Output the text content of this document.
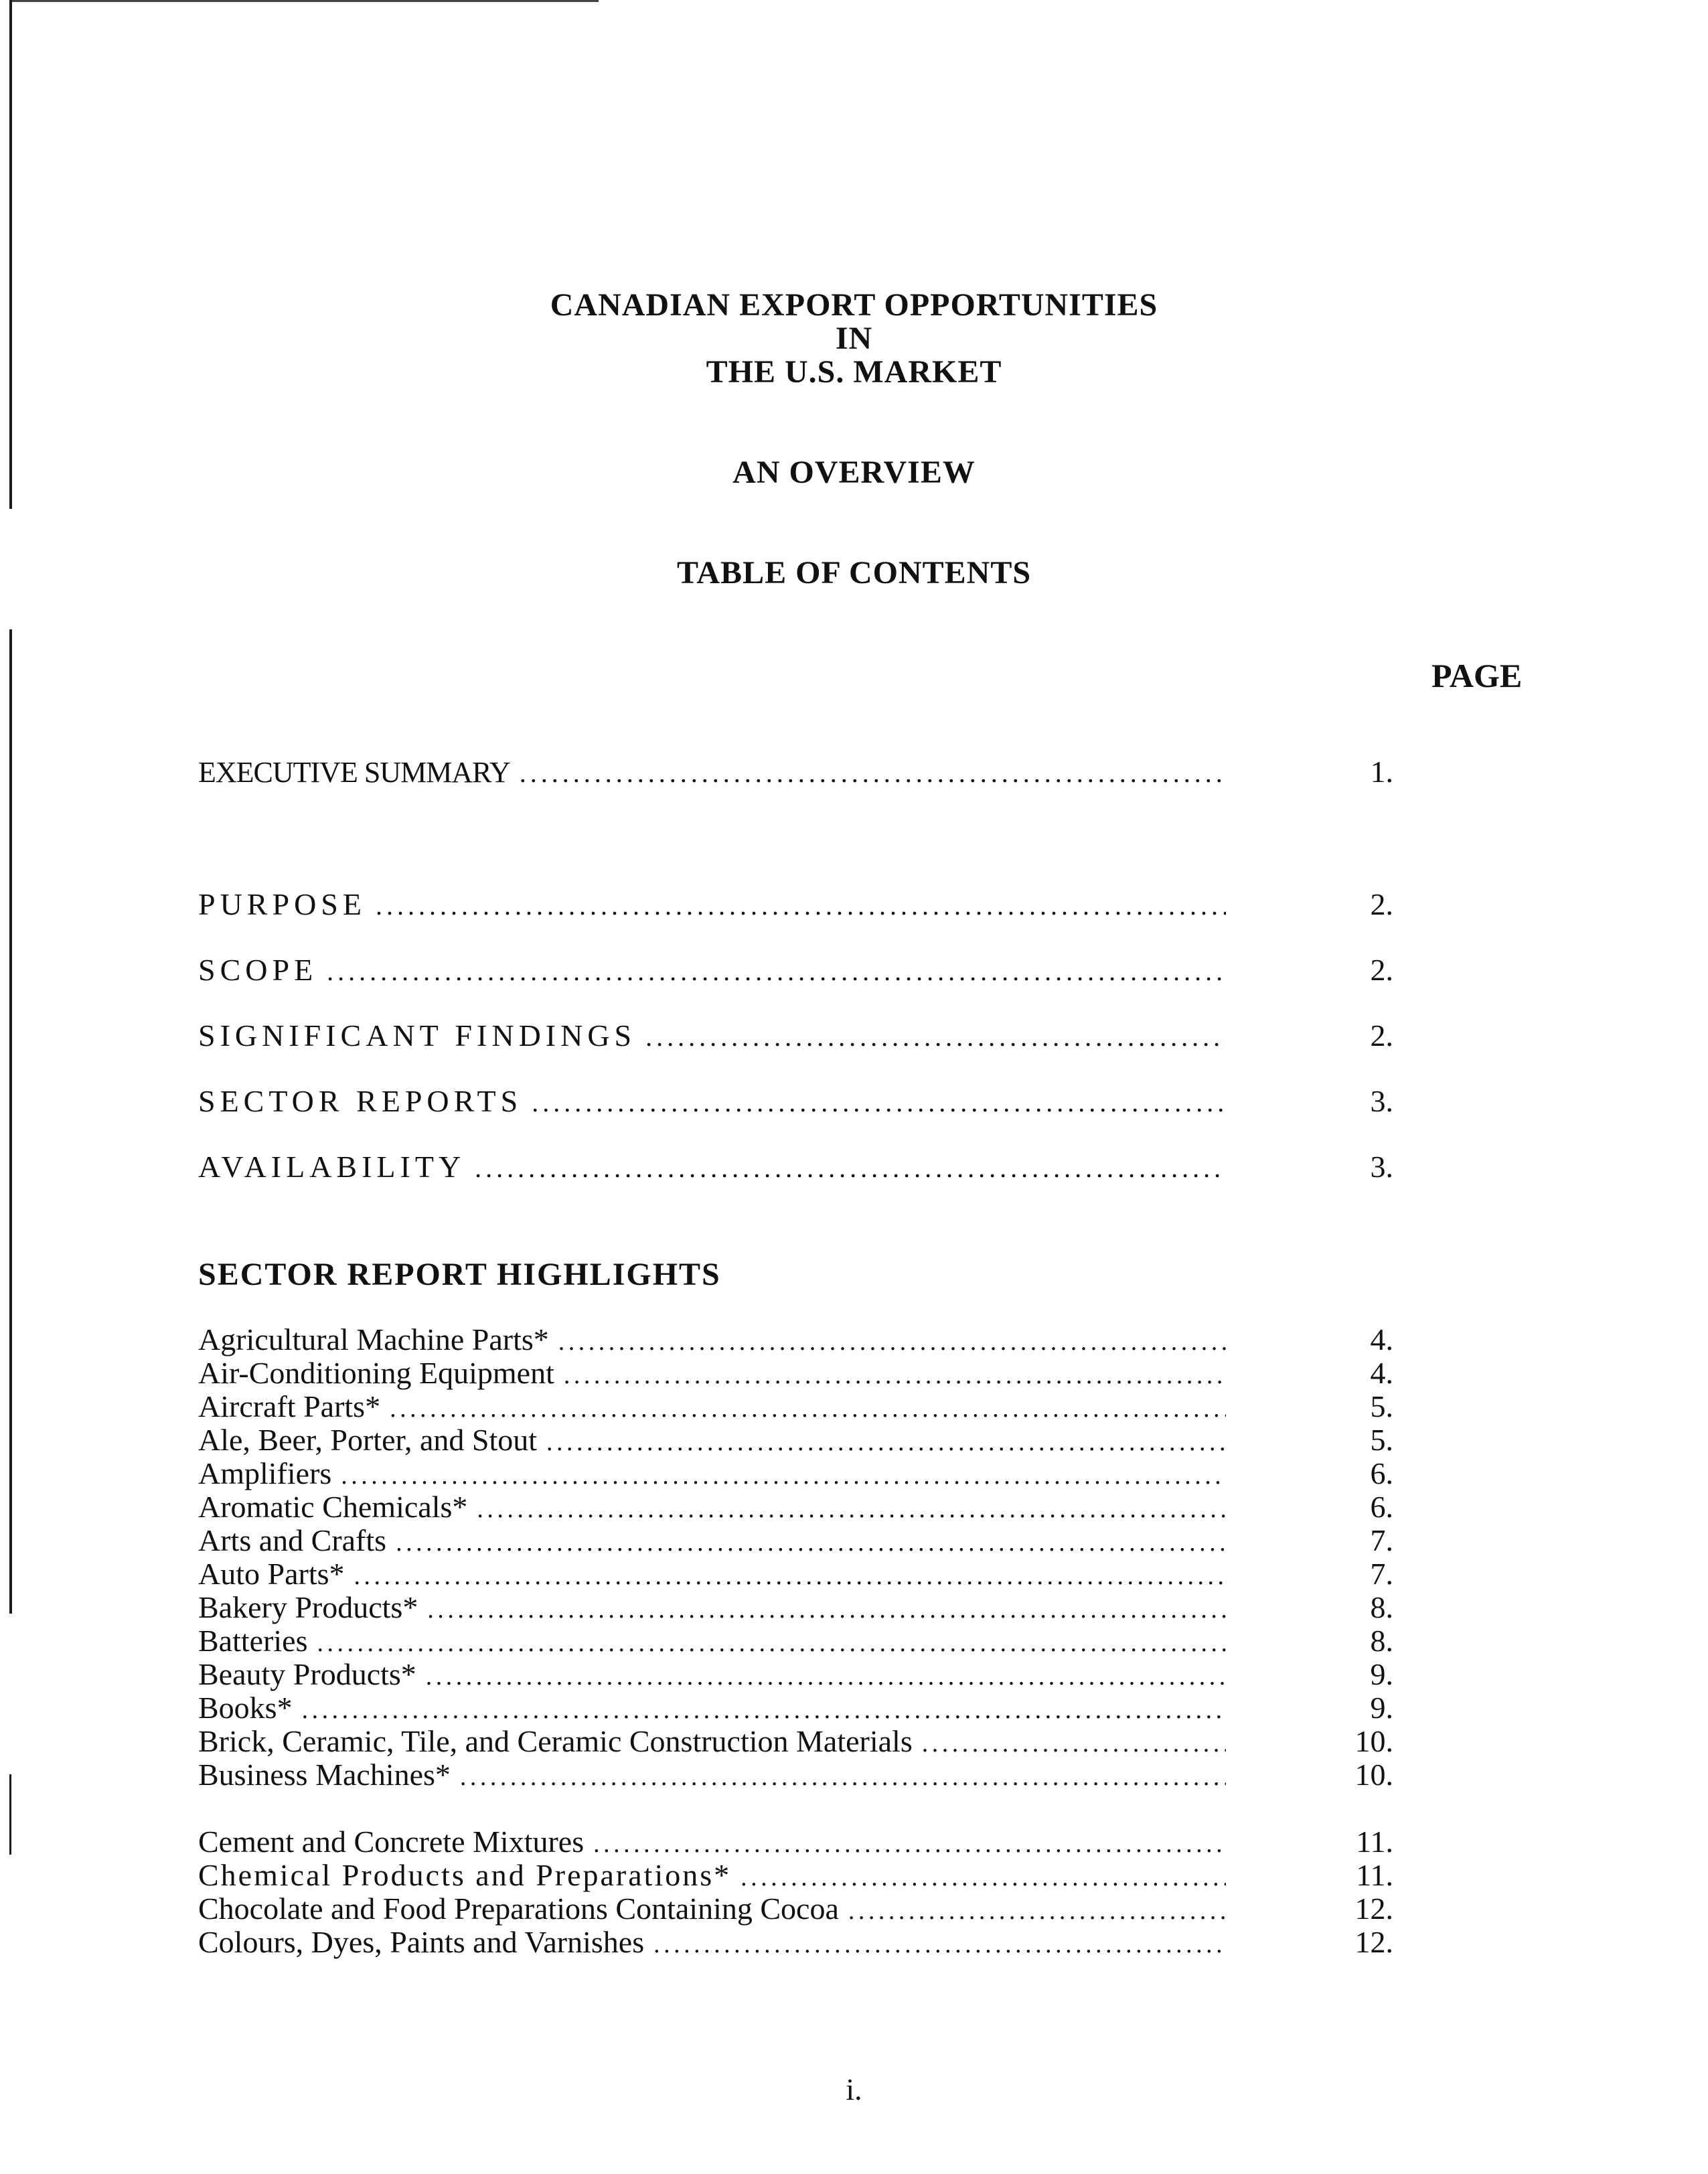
CANADIAN EXPORT OPPORTUNITIES
IN
THE U.S. MARKET
AN OVERVIEW
TABLE OF CONTENTS
PAGE
EXECUTIVE SUMMARY . . .	1.
PURPOSE . . .	2.
SCOPE . . .	2.
SIGNIFICANT FINDINGS . . .	2.
SECTOR REPORTS . . .	3.
AVAILABILITY . . .	3.
SECTOR REPORT HIGHLIGHTS
Agricultural Machine Parts* . . .	4.
Air-Conditioning Equipment . . .	4.
Aircraft Parts* . . .	5.
Ale, Beer, Porter, and Stout . . .	5.
Amplifiers . . .	6.
Aromatic Chemicals* . . .	6.
Arts and Crafts . . .	7.
Auto Parts* . . .	7.
Bakery Products* . . .	8.
Batteries . . .	8.
Beauty Products* . . .	9.
Books* . . .	9.
Brick, Ceramic, Tile, and Ceramic Construction Materials . . .	10.
Business Machines* . . .	10.
Cement and Concrete Mixtures . . .	11.
Chemical Products and Preparations* . . .	11.
Chocolate and Food Preparations Containing Cocoa . . .	12.
Colours, Dyes, Paints and Varnishes . . .	12.
i.
